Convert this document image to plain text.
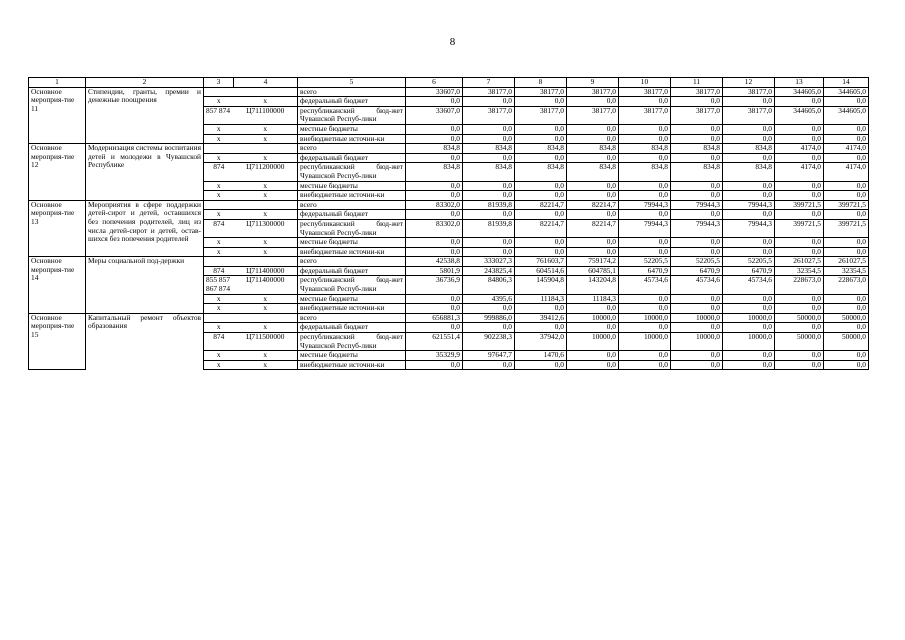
8
1	2	3	4	5	6	7	8	9	10	11	12	13	14
Основное мероприя-тие 11	Стипендии, гранты, премии и денежные поощрения			всего	33607,0	38177,0	38177,0	38177,0	38177,0	38177,0	38177,0	344605,0	344605,0
		х	х	федеральный бюджет	0,0	0,0	0,0	0,0	0,0	0,0	0,0	0,0	0,0
		857 874	Ц711100000	республиканский бюд-жет Чувашской Респуб-лики	33607,0	38177,0	38177,0	38177,0	38177,0	38177,0	38177,0	344605,0	344605,0
		х	х	местные бюджеты	0,0	0,0	0,0	0,0	0,0	0,0	0,0	0,0	0,0
		х	х	внебюджетные источни-ки	0,0	0,0	0,0	0,0	0,0	0,0	0,0	0,0	0,0
Основное мероприя-тие 12	Модернизация системы воспитания детей и молодежи в Чувашской Республике			всего	834,8	834,8	834,8	834,8	834,8	834,8	834,8	4174,0	4174,0
		х	х	федеральный бюджет	0,0	0,0	0,0	0,0	0,0	0,0	0,0	0,0	0,0
		874	Ц711200000	республиканский бюд-жет Чувашской Респуб-лики	834,8	834,8	834,8	834,8	834,8	834,8	834,8	4174,0	4174,0
		х	х	местные бюджеты	0,0	0,0	0,0	0,0	0,0	0,0	0,0	0,0	0,0
		х	х	внебюджетные источни-ки	0,0	0,0	0,0	0,0	0,0	0,0	0,0	0,0	0,0
Основное мероприя-тие 13	Мероприятия в сфере поддержки детей-сирот и детей, оставшихся без попечения родителей, лиц из числа детей-сирот и детей, остав-шихся без попечения родителей			всего	83302,0	81939,8	82214,7	82214,7	79944,3	79944,3	79944,3	399721,5	399721,5
		х	х	федеральный бюджет	0,0	0,0	0,0	0,0	0,0	0,0	0,0	0,0	0,0
		874	Ц711300000	республиканский бюд-жет Чувашской Респуб-лики	83302,0	81939,8	82214,7	82214,7	79944,3	79944,3	79944,3	399721,5	399721,5
		х	х	местные бюджеты	0,0	0,0	0,0	0,0	0,0	0,0	0,0	0,0	0,0
		х	х	внебюджетные источни-ки	0,0	0,0	0,0	0,0	0,0	0,0	0,0	0,0	0,0
Основное мероприя-тие 14	Меры социальной под-держки			всего	42538,8	333027,3	761603,7	759174,2	52205,5	52205,5	52205,5	261027,5	261027,5
		874	Ц711400000	федеральный бюджет	5801,9	243825,4	604514,6	604785,1	6470,9	6470,9	6470,9	32354,5	32354,5
		855 857 867 874	Ц711400000	республиканский бюд-жет Чувашской Респуб-лики	36736,9	84806,3	145904,8	143204,8	45734,6	45734,6	45734,6	228673,0	228673,0
		х	х	местные бюджеты	0,0	4395,6	11184,3	11184,3	0,0	0,0	0,0	0,0	0,0
		х	х	внебюджетные источни-ки	0,0	0,0	0,0	0,0	0,0	0,0	0,0	0,0	0,0
Основное мероприя-тие 15	Капитальный ремонт объектов образования			всего	656881,3	999886,0	39412,6	10000,0	10000,0	10000,0	10000,0	50000,0	50000,0
		х	х	федеральный бюджет	0,0	0,0	0,0	0,0	0,0	0,0	0,0	0,0	0,0
		874	Ц711500000	республиканский бюд-жет Чувашской Респуб-лики	621551,4	902238,3	37942,0	10000,0	10000,0	10000,0	10000,0	50000,0	50000,0
		х	х	местные бюджеты	35329,9	97647,7	1470,6	0,0	0,0	0,0	0,0	0,0	0,0
		х	х	внебюджетные источни-ки	0,0	0,0	0,0	0,0	0,0	0,0	0,0	0,0	0,0
